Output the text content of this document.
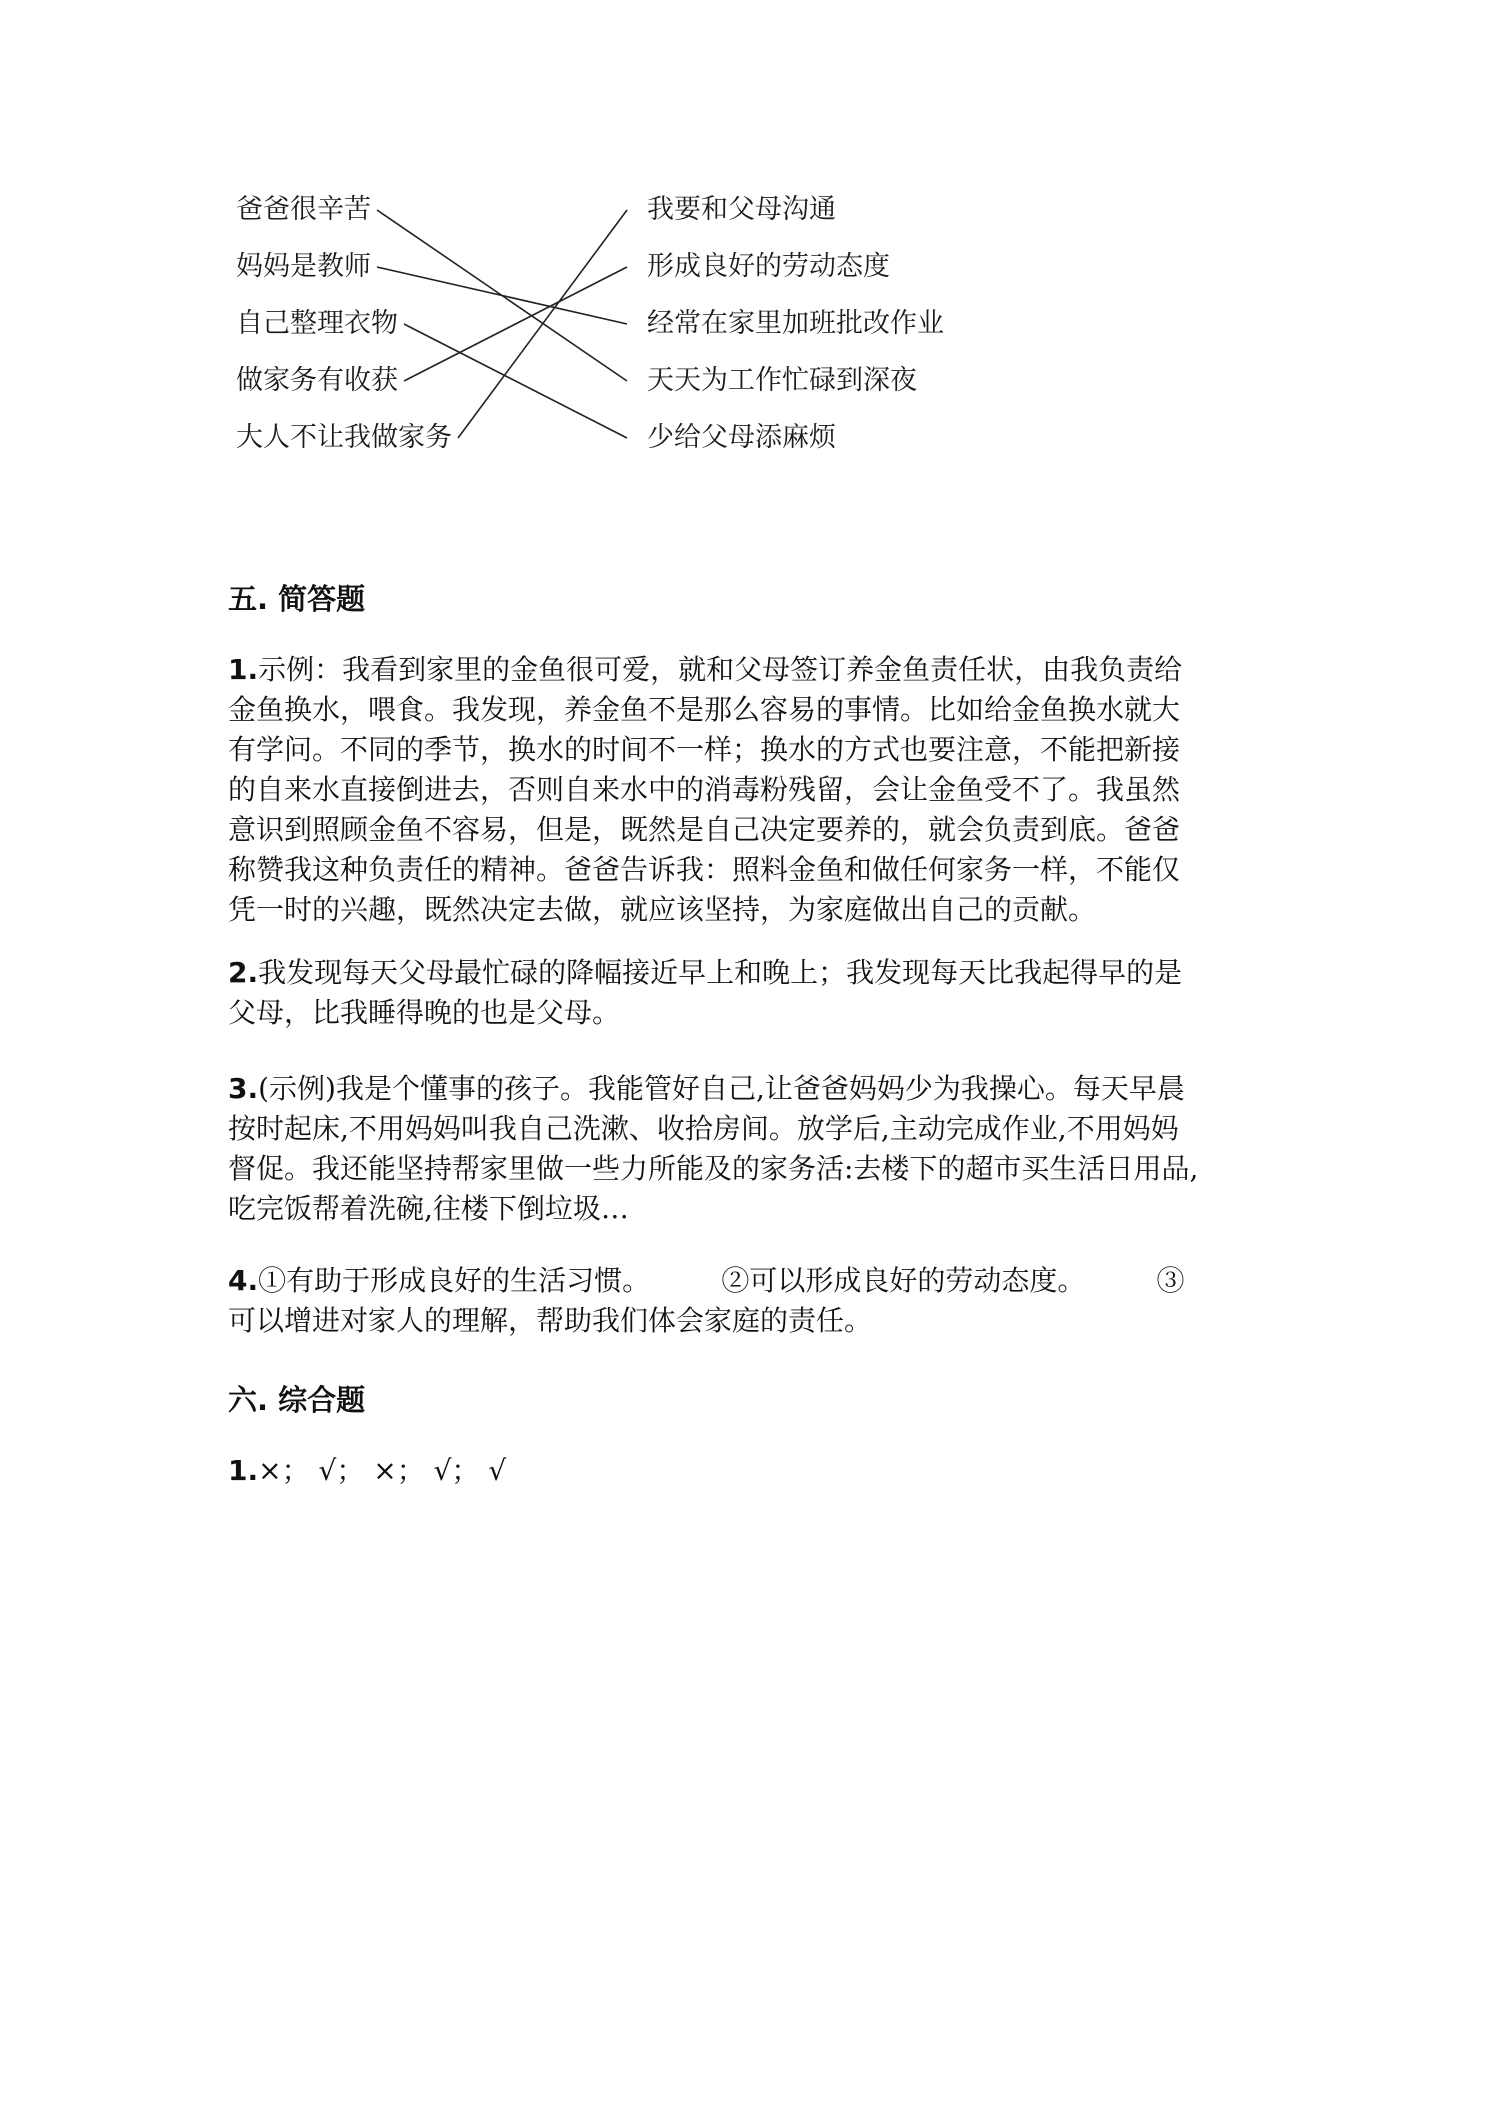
爸爸很辛苦
妈妈是教师
自己整理衣物
做家务有收获
大人不让我做家务
我要和父母沟通
形成良好的劳动态度
经常在家里加班批改作业
天天为工作忙碌到深夜
少给父母添麻烦
五. 简答题
1.示例：我看到家里的金鱼很可爱，就和父母签订养金鱼责任状，由我负责给
金鱼换水，喂食。我发现，养金鱼不是那么容易的事情。比如给金鱼换水就大
有学问。不同的季节，换水的时间不一样；换水的方式也要注意，不能把新接
的自来水直接倒进去，否则自来水中的消毒粉残留，会让金鱼受不了。我虽然
意识到照顾金鱼不容易，但是，既然是自己决定要养的，就会负责到底。爸爸
称赞我这种负责任的精神。爸爸告诉我：照料金鱼和做任何家务一样，不能仅
凭一时的兴趣，既然决定去做，就应该坚持，为家庭做出自己的贡献。
2.我发现每天父母最忙碌的降幅接近早上和晚上；我发现每天比我起得早的是
父母，比我睡得晚的也是父母。
3.(示例)我是个懂事的孩子。我能管好自己,让爸爸妈妈少为我操心。每天早晨
按时起床,不用妈妈叫我自己洗漱、收拾房间。放学后,主动完成作业,不用妈妈
督促。我还能坚持帮家里做一些力所能及的家务活:去楼下的超市买生活日用品,
吃完饭帮着洗碗,往楼下倒垃圾…
4.①有助于形成良好的生活习惯。        ②可以形成良好的劳动态度。        ③
可以增进对家人的理解，帮助我们体会家庭的责任。
六. 综合题
1.×； √； ×； √； √
